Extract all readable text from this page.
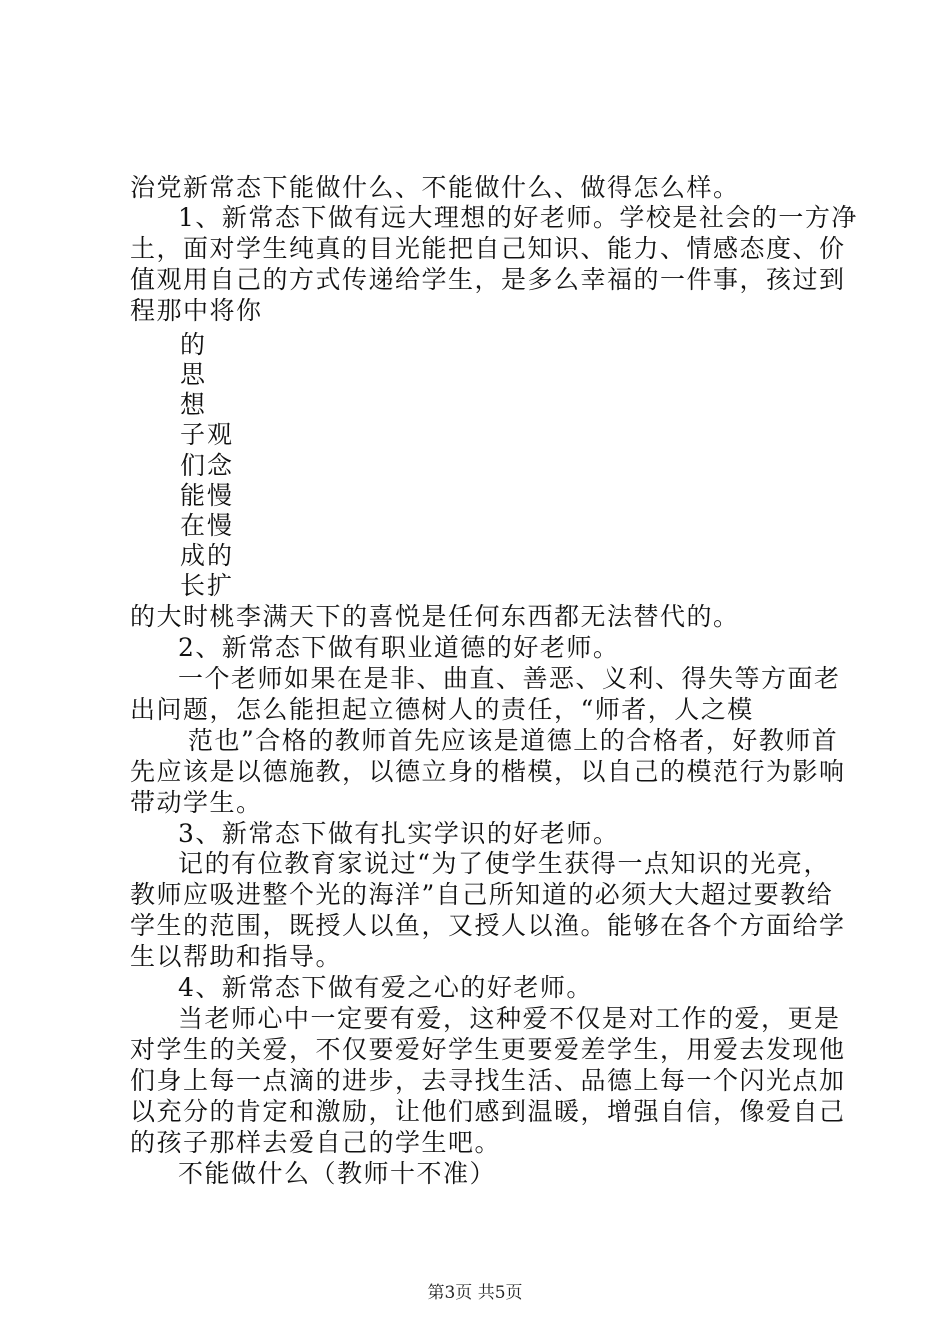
治党新常态下能做什么、不能做什么、做得怎么样。
1、新常态下做有远大理想的好老师。学校是社会的一方净
土，面对学生纯真的目光能把自己知识、能力、情感态度、价
值观用自己的方式传递给学生，是多么幸福的一件事，孩过到
程那中将你
的
思
想
子观
们念
能慢
在慢
成的
长扩
的大时桃李满天下的喜悦是任何东西都无法替代的。
2、新常态下做有职业道德的好老师。
一个老师如果在是非、曲直、善恶、义利、得失等方面老
出问题，怎么能担起立德树人的责任，“师者，人之模
范也”合格的教师首先应该是道德上的合格者，好教师首
先应该是以德施教，以德立身的楷模，以自己的模范行为影响
带动学生。
3、新常态下做有扎实学识的好老师。
记的有位教育家说过“为了使学生获得一点知识的光亮，
教师应吸进整个光的海洋”自己所知道的必须大大超过要教给
学生的范围，既授人以鱼，又授人以渔。能够在各个方面给学
生以帮助和指导。
4、新常态下做有爱之心的好老师。
当老师心中一定要有爱，这种爱不仅是对工作的爱，更是
对学生的关爱，不仅要爱好学生更要爱差学生，用爱去发现他
们身上每一点滴的进步，去寻找生活、品德上每一个闪光点加
以充分的肯定和激励，让他们感到温暖，增强自信，像爱自己
的孩子那样去爱自己的学生吧。
不能做什么（教师十不准）
第3页 共5页
